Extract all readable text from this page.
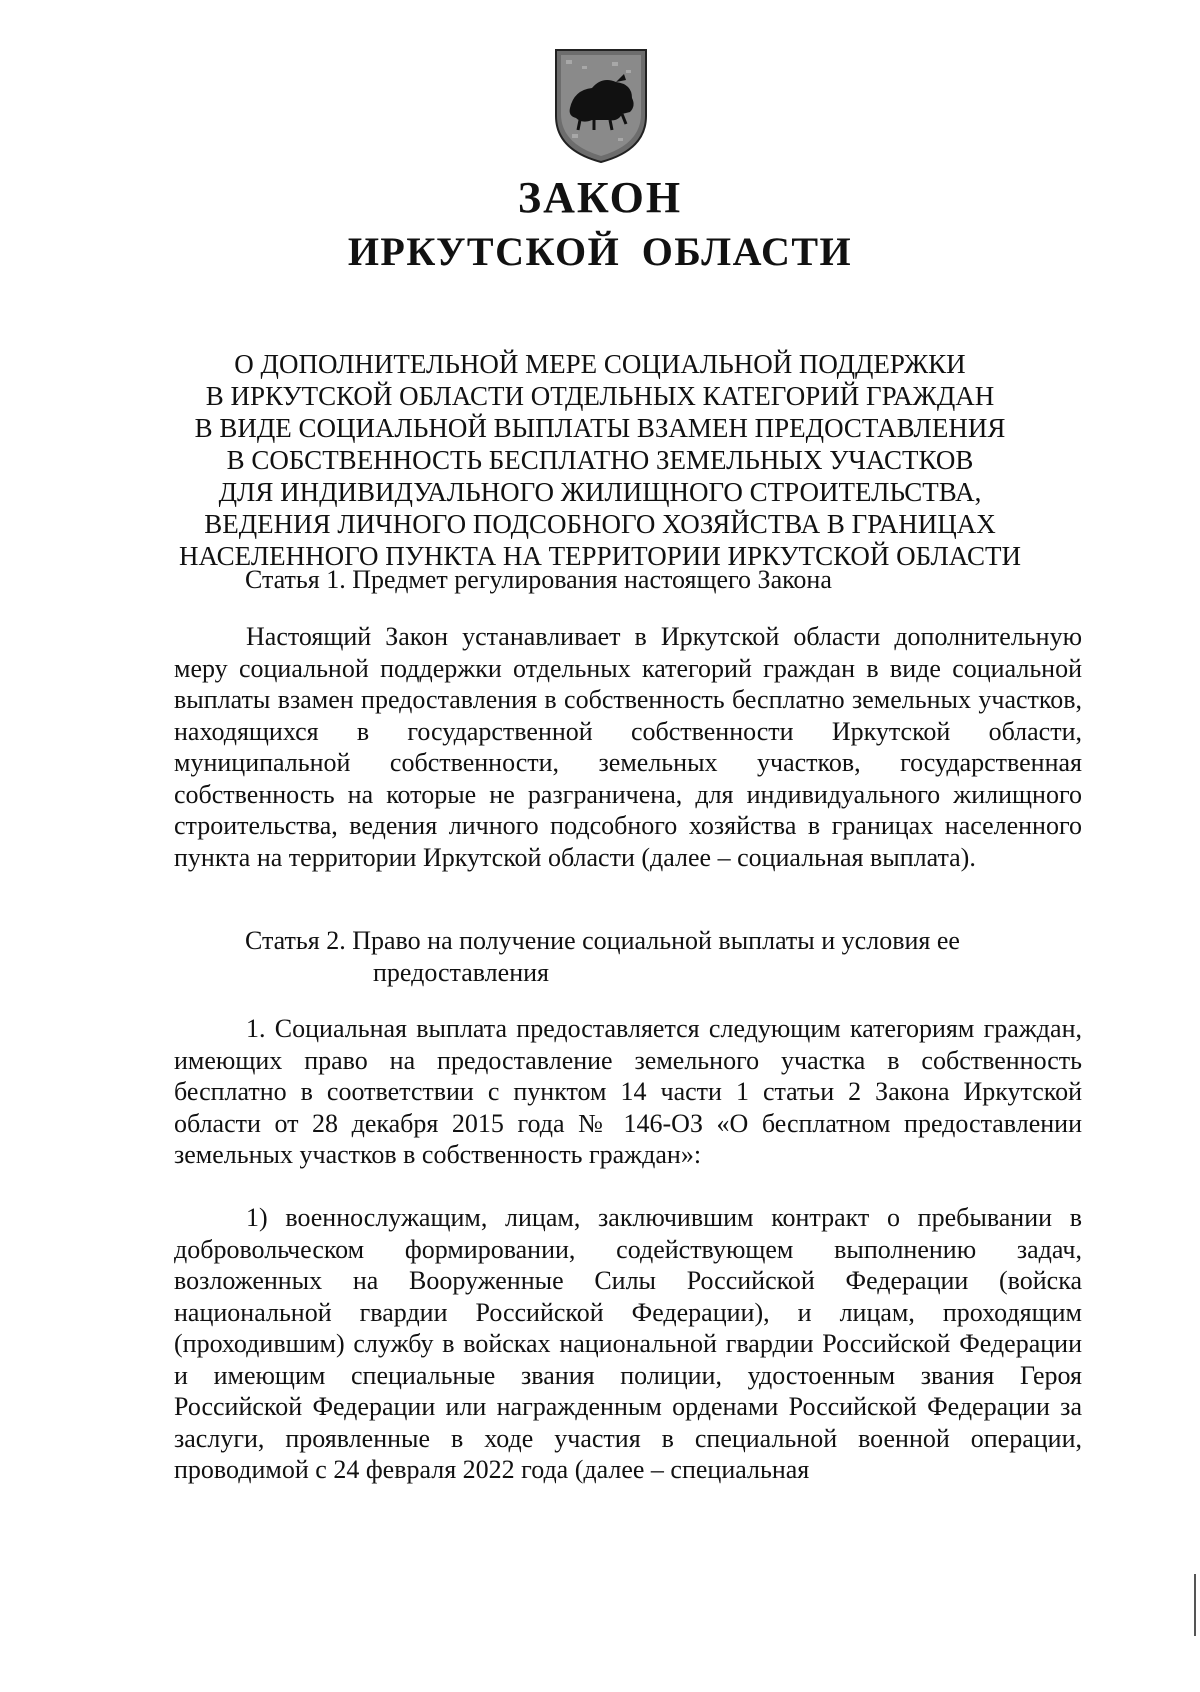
ЗАКОН
ИРКУТСКОЙ ОБЛАСТИ
О ДОПОЛНИТЕЛЬНОЙ МЕРЕ СОЦИАЛЬНОЙ ПОДДЕРЖКИ
В ИРКУТСКОЙ ОБЛАСТИ ОТДЕЛЬНЫХ КАТЕГОРИЙ ГРАЖДАН
В ВИДЕ СОЦИАЛЬНОЙ ВЫПЛАТЫ ВЗАМЕН ПРЕДОСТАВЛЕНИЯ
В СОБСТВЕННОСТЬ БЕСПЛАТНО ЗЕМЕЛЬНЫХ УЧАСТКОВ
ДЛЯ ИНДИВИДУАЛЬНОГО ЖИЛИЩНОГО СТРОИТЕЛЬСТВА,
ВЕДЕНИЯ ЛИЧНОГО ПОДСОБНОГО ХОЗЯЙСТВА В ГРАНИЦАХ
НАСЕЛЕННОГО ПУНКТА НА ТЕРРИТОРИИ ИРКУТСКОЙ ОБЛАСТИ
Статья 1. Предмет регулирования настоящего Закона
Настоящий Закон устанавливает в Иркутской области дополнительную меру социальной поддержки отдельных категорий граждан в виде социальной выплаты взамен предоставления в собственность бесплатно земельных участков, находящихся в государственной собственности Иркутской области, муниципальной собственности, земельных участков, государственная собственность на которые не разграничена, для индивидуального жилищного строительства, ведения личного подсобного хозяйства в границах населенного пункта на территории Иркутской области (далее – социальная выплата).
Статья 2. Право на получение социальной выплаты и условия ее
предоставления
1. Социальная выплата предоставляется следующим категориям граждан, имеющих право на предоставление земельного участка в собственность бесплатно в соответствии с пунктом 14 части 1 статьи 2 Закона Иркутской области от 28 декабря 2015 года № 146-ОЗ «О бесплатном предоставлении земельных участков в собственность граждан»:
1) военнослужащим, лицам, заключившим контракт о пребывании в добровольческом формировании, содействующем выполнению задач, возложенных на Вооруженные Силы Российской Федерации (войска национальной гвардии Российской Федерации), и лицам, проходящим (проходившим) службу в войсках национальной гвардии Российской Федерации и имеющим специальные звания полиции, удостоенным звания Героя Российской Федерации или награжденным орденами Российской Федерации за заслуги, проявленные в ходе участия в специальной военной операции, проводимой с 24 февраля 2022 года (далее – специальная
